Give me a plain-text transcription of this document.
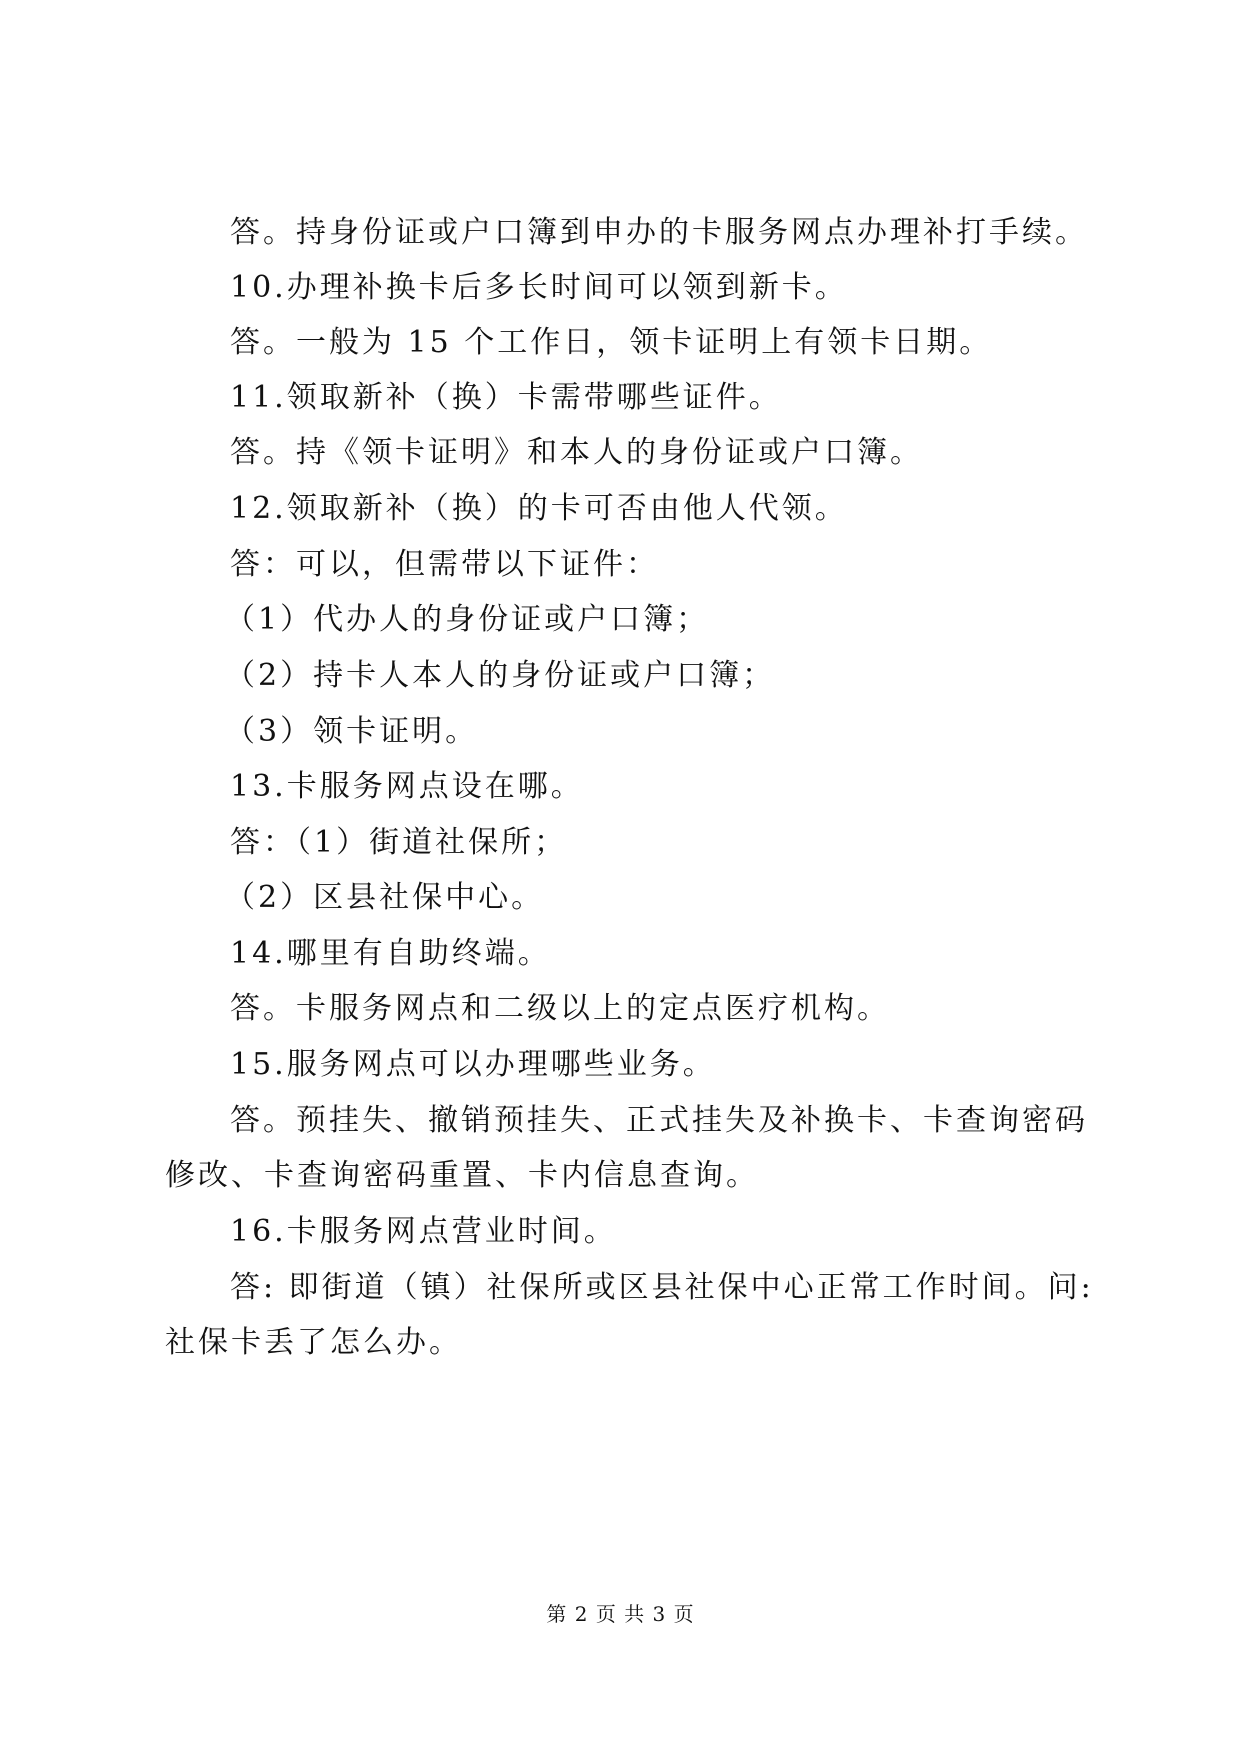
答。持身份证或户口簿到申办的卡服务网点办理补打手续。
10.办理补换卡后多长时间可以领到新卡。
答。一般为 15 个工作日，领卡证明上有领卡日期。
11.领取新补（换）卡需带哪些证件。
答。持《领卡证明》和本人的身份证或户口簿。
12.领取新补（换）的卡可否由他人代领。
答：可以，但需带以下证件：
（1）代办人的身份证或户口簿；
（2）持卡人本人的身份证或户口簿；
（3）领卡证明。
13.卡服务网点设在哪。
答：（1）街道社保所；
（2）区县社保中心。
14.哪里有自助终端。
答。卡服务网点和二级以上的定点医疗机构。
15.服务网点可以办理哪些业务。
答。预挂失、撤销预挂失、正式挂失及补换卡、卡查询密码
修改、卡查询密码重置、卡内信息查询。
16.卡服务网点营业时间。
答: 即街道（镇）社保所或区县社保中心正常工作时间。问:
社保卡丢了怎么办。
第 2 页 共 3 页
